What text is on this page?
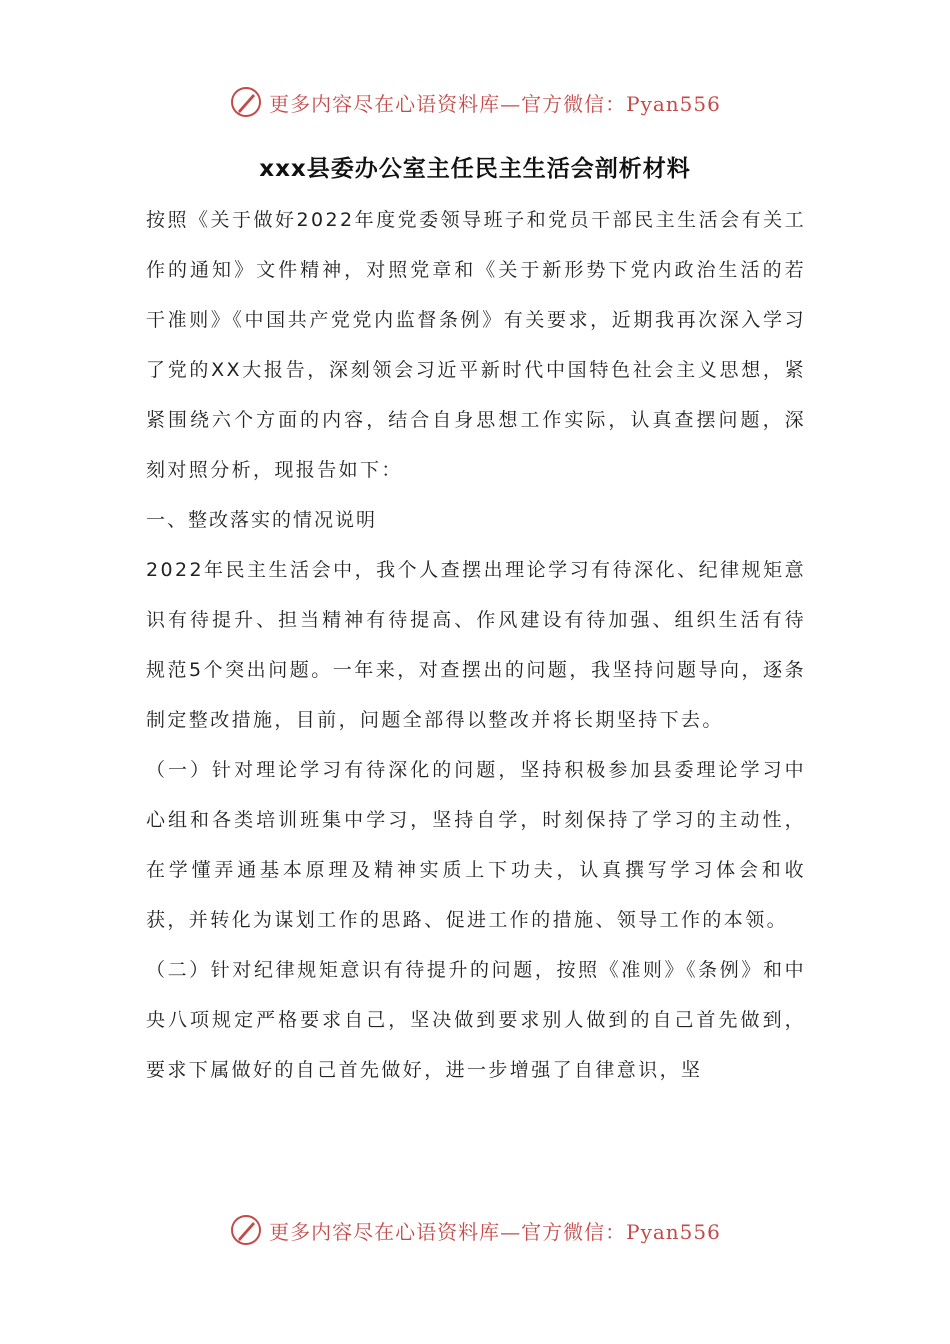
更多内容尽在心语资料库—官方微信：Pyan556
xxx县委办公室主任民主生活会剖析材料

按照《关于做好2022年度党委领导班子和党员干部民主生活会有关工作的通知》文件精神，对照党章和《关于新形势下党内政治生活的若干准则》《中国共产党党内监督条例》有关要求，近期我再次深入学习了党的XX大报告，深刻领会习近平新时代中国特色社会主义思想，紧紧围绕六个方面的内容，结合自身思想工作实际，认真查摆问题，深刻对照分析，现报告如下：

一、整改落实的情况说明

2022年民主生活会中，我个人查摆出理论学习有待深化、纪律规矩意识有待提升、担当精神有待提高、作风建设有待加强、组织生活有待规范5个突出问题。一年来，对查摆出的问题，我坚持问题导向，逐条制定整改措施，目前，问题全部得以整改并将长期坚持下去。

（一）针对理论学习有待深化的问题，坚持积极参加县委理论学习中心组和各类培训班集中学习，坚持自学，时刻保持了学习的主动性，在学懂弄通基本原理及精神实质上下功夫，认真撰写学习体会和收获，并转化为谋划工作的思路、促进工作的措施、领导工作的本领。

（二）针对纪律规矩意识有待提升的问题，按照《准则》《条例》和中央八项规定严格要求自己，坚决做到要求别人做到的自己首先做到，要求下属做好的自己首先做好，进一步增强了自律意识，坚

更多内容尽在心语资料库—官方微信：Pyan556
